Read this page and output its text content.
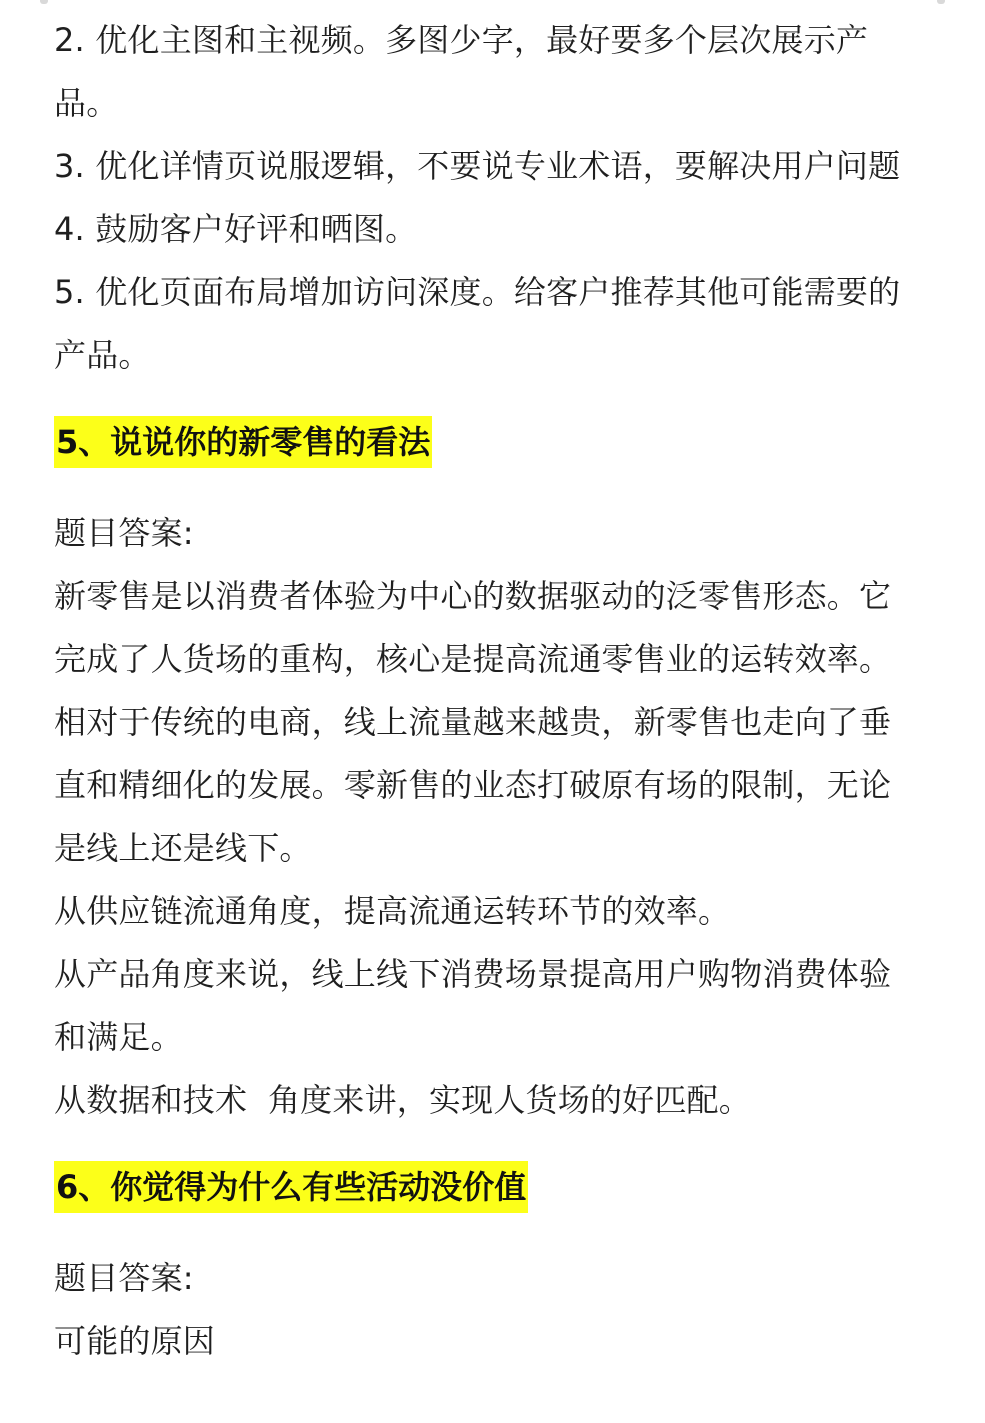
2. 优化主图和主视频。多图少字，最好要多个层次展示产
品。
3. 优化详情页说服逻辑，不要说专业术语，要解决用户问题
4. 鼓励客户好评和晒图。
5. 优化页面布局增加访问深度。给客户推荐其他可能需要的
产品。
5、说说你的新零售的看法
题目答案:
新零售是以消费者体验为中心的数据驱动的泛零售形态。它
完成了人货场的重构，核心是提高流通零售业的运转效率。
相对于传统的电商，线上流量越来越贵，新零售也走向了垂
直和精细化的发展。零新售的业态打破原有场的限制，无论
是线上还是线下。
从供应链流通角度，提高流通运转环节的效率。
从产品角度来说，线上线下消费场景提高用户购物消费体验
和满足。
从数据和技术  角度来讲，实现人货场的好匹配。
6、你觉得为什么有些活动没价值
题目答案:
可能的原因
